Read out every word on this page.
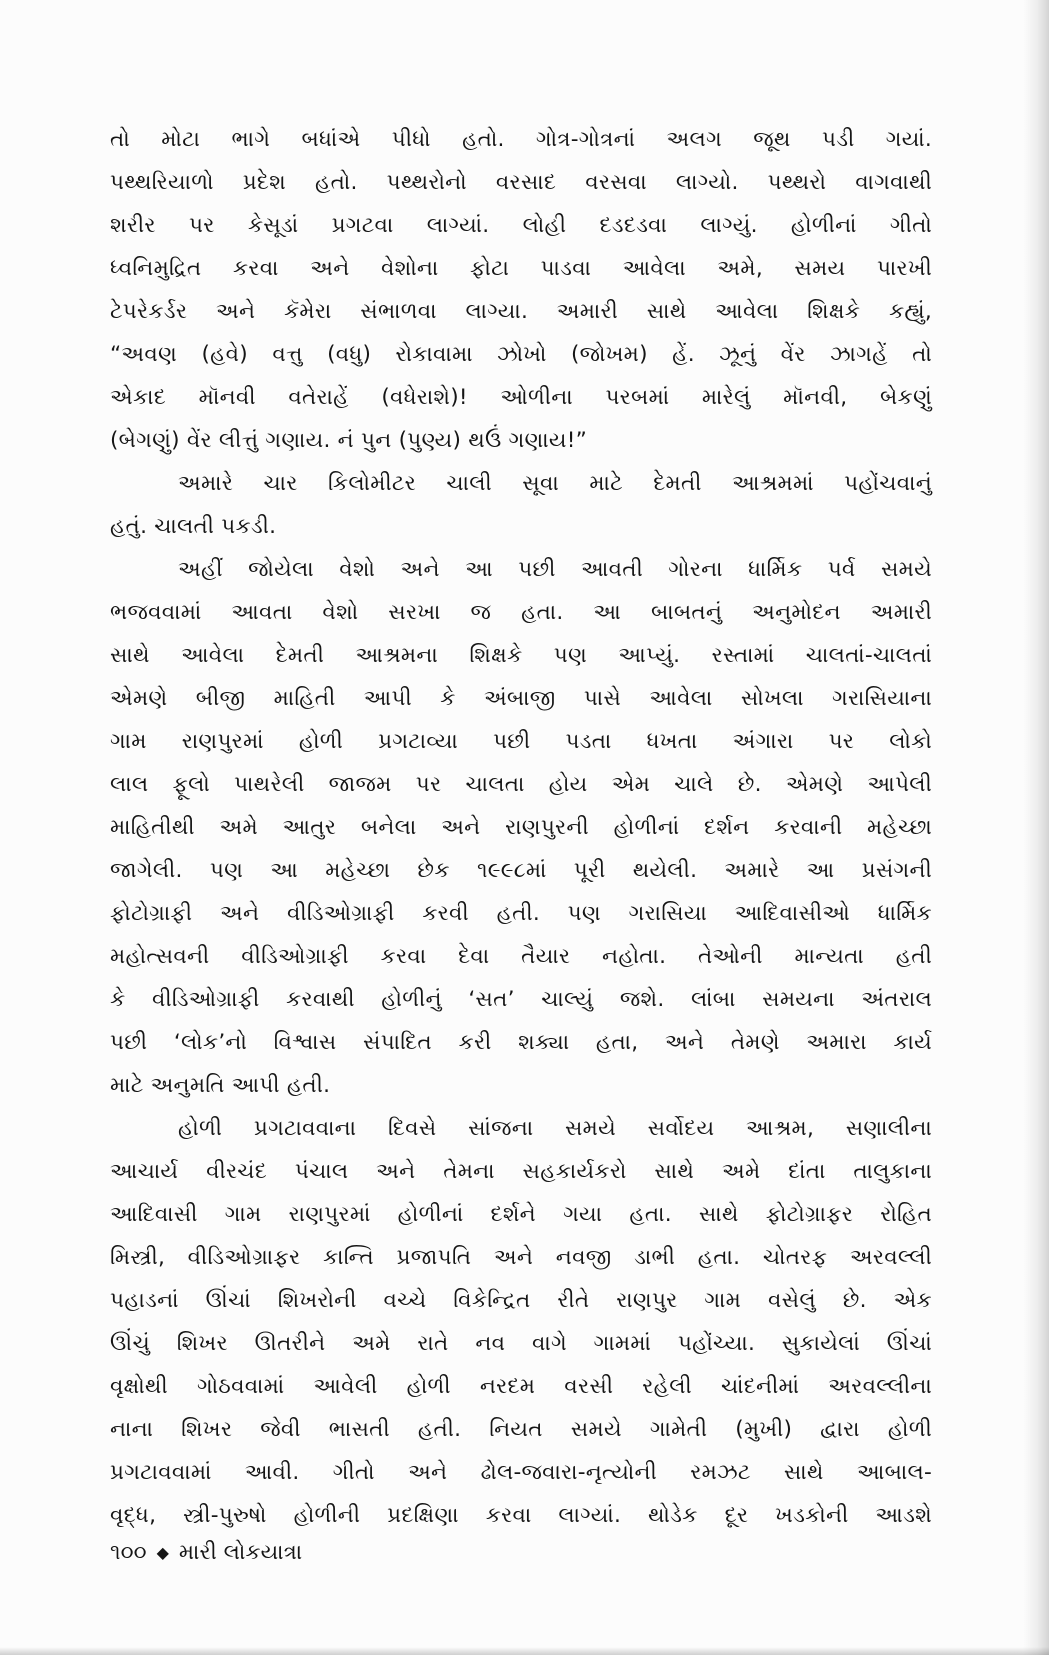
તો મોટા ભાગે બધાંએ પીધો હતો. ગોત્ર-ગોત્રનાં અલગ જૂથ પડી ગયાં.
પથ્થરિયાળો પ્રદેશ હતો. પથ્થરોનો વરસાદ વરસવા લાગ્યો. પથ્થરો વાગવાથી
શરીર પર કેસૂડાં પ્રગટવા લાગ્યાં. લોહી દડદડવા લાગ્યું. હોળીનાં ગીતો
ધ્વનિમુદ્રિત કરવા અને વેશોના ફોટા પાડવા આવેલા અમે, સમય પારખી
ટેપરેકર્ડર અને કૅમેરા સંભાળવા લાગ્યા. અમારી સાથે આવેલા શિક્ષકે કહ્યું,
“અવણ (હવે) વત્તુ (વધુ) રોકાવામા ઝોખો (જોખમ) હેં. ઝૂનું વેંર ઝાગહેં તો
એકાદ મૉનવી વતેરાહેં (વધેરાશે)! ઓળીના પરબમાં મારેલું મૉનવી, બેકણું
(બેગણું) વેંર લીત્તું ગણાય. નં પુન (પુણ્ય) થઉં ગણાય!”
અમારે ચાર કિલોમીટર ચાલી સૂવા માટે દેમતી આશ્રમમાં પહોંચવાનું
હતું. ચાલતી પકડી.
અહીં જોયેલા વેશો અને આ પછી આવતી ગોરના ધાર્મિક પર્વ સમયે
ભજવવામાં આવતા વેશો સરખા જ હતા. આ બાબતનું અનુમોદન અમારી
સાથે આવેલા દેમતી આશ્રમના શિક્ષકે પણ આપ્યું. રસ્તામાં ચાલતાં-ચાલતાં
એમણે બીજી માહિતી આપી કે અંબાજી પાસે આવેલા સોખલા ગરાસિયાના
ગામ રાણપુરમાં હોળી પ્રગટાવ્યા પછી પડતા ધખતા અંગારા પર લોકો
લાલ ફૂલો પાથરેલી જાજમ પર ચાલતા હોય એમ ચાલે છે. એમણે આપેલી
માહિતીથી અમે આતુર બનેલા અને રાણપુરની હોળીનાં દર્શન કરવાની મહેચ્છા
જાગેલી. પણ આ મહેચ્છા છેક ૧૯૯૮માં પૂરી થયેલી. અમારે આ પ્રસંગની
ફોટોગ્રાફી અને વીડિઓગ્રાફી કરવી હતી. પણ ગરાસિયા આદિવાસીઓ ધાર્મિક
મહોત્સવની વીડિઓગ્રાફી કરવા દેવા તૈયાર નહોતા. તેઓની માન્યતા હતી
કે વીડિઓગ્રાફી કરવાથી હોળીનું ‘સત’ ચાલ્યું જશે. લાંબા સમયના અંતરાલ
પછી ‘લોક’નો વિશ્વાસ સંપાદિત કરી શક્યા હતા, અને તેમણે અમારા કાર્ય
માટે અનુમતિ આપી હતી.
હોળી પ્રગટાવવાના દિવસે સાંજના સમયે સર્વોદય આશ્રમ, સણાલીના
આચાર્ય વીરચંદ પંચાલ અને તેમના સહકાર્યકરો સાથે અમે દાંતા તાલુકાના
આદિવાસી ગામ રાણપુરમાં હોળીનાં દર્શને ગયા હતા. સાથે ફોટોગ્રાફર રોહિત
મિસ્ત્રી, વીડિઓગ્રાફર કાન્તિ પ્રજાપતિ અને નવજી ડાભી હતા. ચોતરફ અરવલ્લી
પહાડનાં ઊંચાં શિખરોની વચ્ચે વિકેન્દ્રિત રીતે રાણપુર ગામ વસેલું છે. એક
ઊંચું શિખર ઊતરીને અમે રાતે નવ વાગે ગામમાં પહોંચ્યા. સુકાયેલાં ઊંચાં
વૃક્ષોથી ગોઠવવામાં આવેલી હોળી નરદમ વરસી રહેલી ચાંદનીમાં અરવલ્લીના
નાના શિખર જેવી ભાસતી હતી. નિયત સમયે ગામેતી (મુખી) દ્વારા હોળી
પ્રગટાવવામાં આવી. ગીતો અને ઢોલ-જવારા-નૃત્યોની રમઝટ સાથે આબાલ-
વૃદ્ધ, સ્ત્રી-પુરુષો હોળીની પ્રદક્ષિણા કરવા લાગ્યાં. થોડેક દૂર ખડકોની આડશે
૧૦૦ ◆ મારી લોકયાત્રા
